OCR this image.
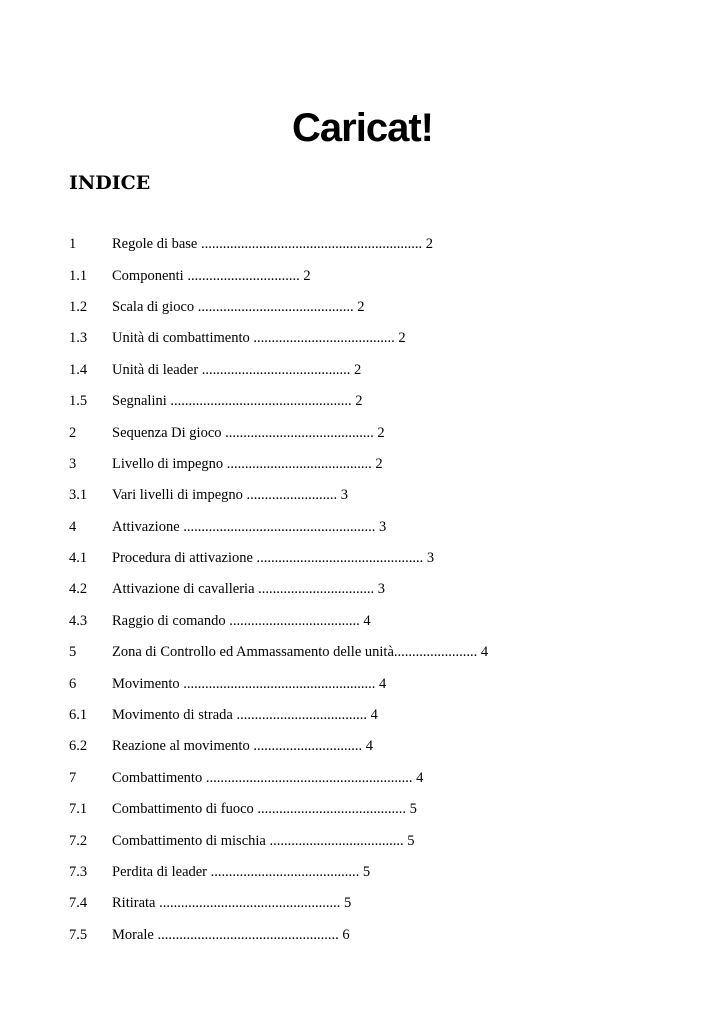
Caricat!
INDICE
1	Regole di base ............................................................. 2
1.1	Componenti ............................... 2
1.2	Scala di gioco ........................................... 2
1.3	Unità di combattimento ....................................... 2
1.4	Unità di leader ......................................... 2
1.5	Segnalini .................................................. 2
2	Sequenza Di gioco ......................................... 2
3	Livello di impegno ........................................ 2
3.1	Vari livelli di impegno ......................... 3
4	Attivazione ..................................................... 3
4.1	Procedura di attivazione .............................................. 3
4.2	Attivazione di cavalleria ................................ 3
4.3	Raggio di comando .................................... 4
5	Zona di Controllo ed Ammassamento delle unità....................... 4
6	Movimento ..................................................... 4
6.1	Movimento di strada .................................... 4
6.2	Reazione al movimento .............................. 4
7	Combattimento ......................................................... 4
7.1	Combattimento di fuoco ......................................... 5
7.2	Combattimento di mischia ..................................... 5
7.3	Perdita di leader ......................................... 5
7.4	Ritirata .................................................. 5
7.5	Morale .................................................. 6
